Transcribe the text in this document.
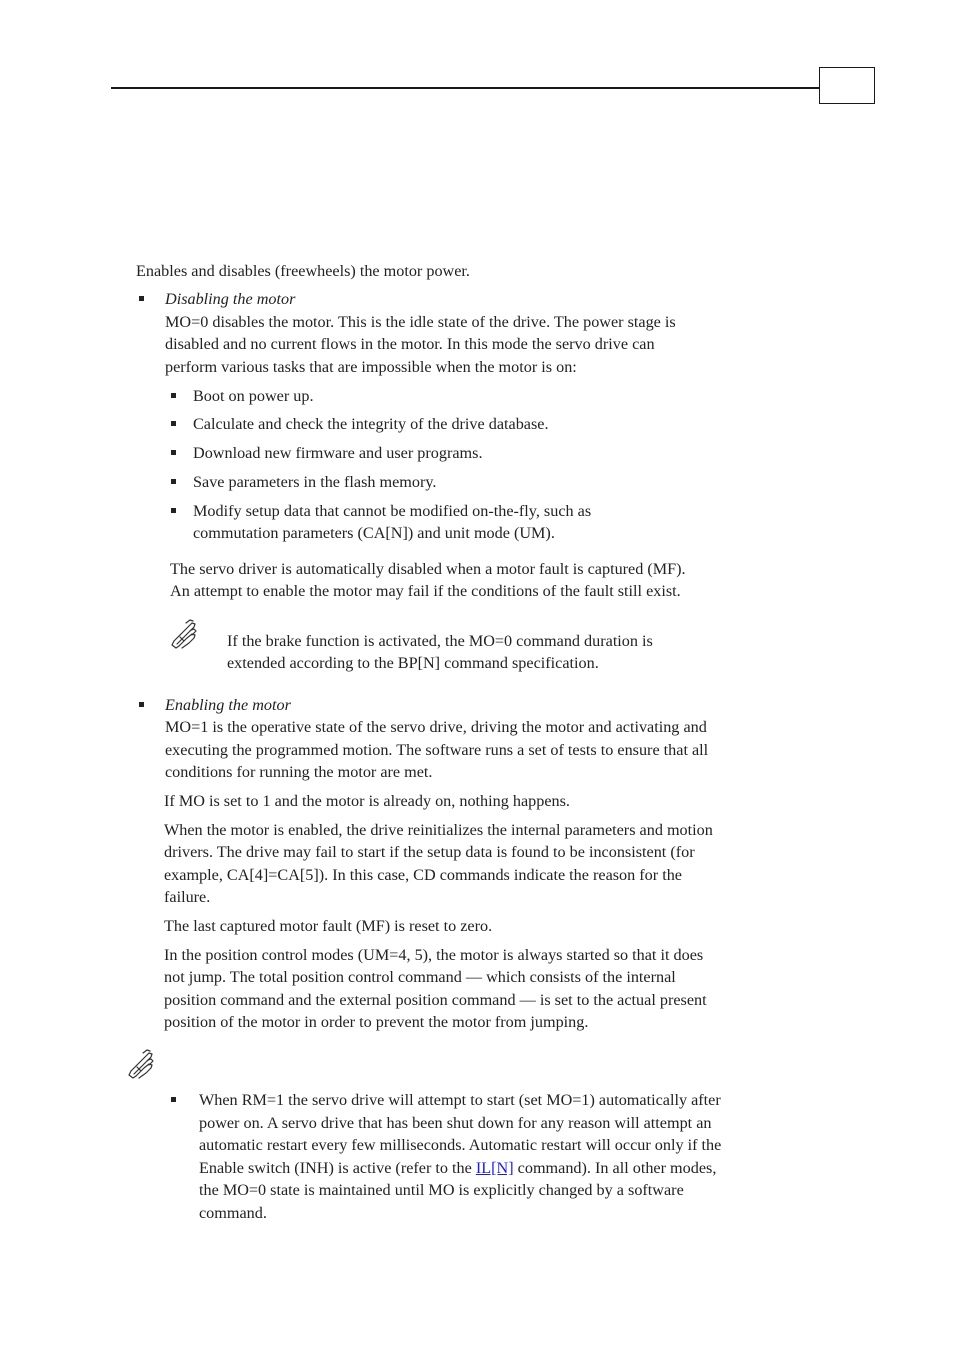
Enables and disables (freewheels) the motor power.

Disabling the motor

MO=0 disables the motor. This is the idle state of the drive. The power stage is

disabled and no current flows in the motor. In this mode the servo drive can

perform various tasks that are impossible when the motor is on:

Boot on power up.

Calculate and check the integrity of the drive database.

Download new firmware and user programs.

Save parameters in the flash memory.

Modify setup data that cannot be modified on-the-fly, such as

commutation parameters (CA[N]) and unit mode (UM).

The servo driver is automatically disabled when a motor fault is captured (MF).

An attempt to enable the motor may fail if the conditions of the fault still exist.

If the brake function is activated, the MO=0 command duration is

extended according to the BP[N] command specification.

Enabling the motor

MO=1 is the operative state of the servo drive, driving the motor and activating and

executing the programmed motion. The software runs a set of tests to ensure that all

conditions for running the motor are met.

If MO is set to 1 and the motor is already on, nothing happens.

When the motor is enabled, the drive reinitializes the internal parameters and motion

drivers. The drive may fail to start if the setup data is found to be inconsistent (for

example, CA[4]=CA[5]). In this case, CD commands indicate the reason for the

failure.

The last captured motor fault (MF) is reset to zero.

In the position control modes (UM=4, 5), the motor is always started so that it does

not jump. The total position control command — which consists of the internal

position command and the external position command — is set to the actual present

position of the motor in order to prevent the motor from jumping.

When RM=1 the servo drive will attempt to start (set MO=1) automatically after

power on. A servo drive that has been shut down for any reason will attempt an

automatic restart every few milliseconds. Automatic restart will occur only if the

Enable switch (INH) is active (refer to the IL[N] command). In all other modes,

the MO=0 state is maintained until MO is explicitly changed by a software

command.
